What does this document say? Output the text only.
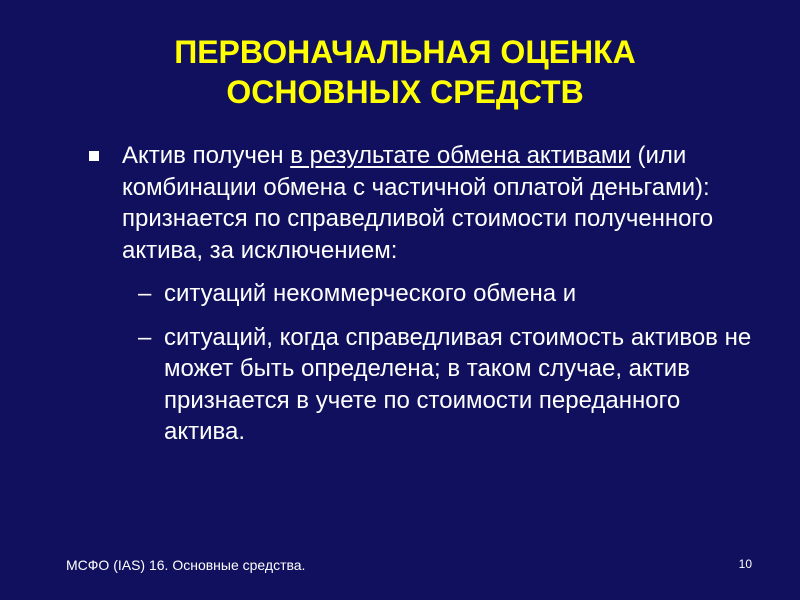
ПЕРВОНАЧАЛЬНАЯ ОЦЕНКА
ОСНОВНЫХ СРЕДСТВ
Актив получен в результате обмена активами (или комбинации обмена с частичной оплатой деньгами): признается по справедливой стоимости полученного актива, за исключением:
– ситуаций некоммерческого обмена и
– ситуаций, когда справедливая стоимость активов не может быть определена; в таком случае, актив признается в учете по стоимости переданного актива.
МСФО (IAS) 16. Основные средства.	10
